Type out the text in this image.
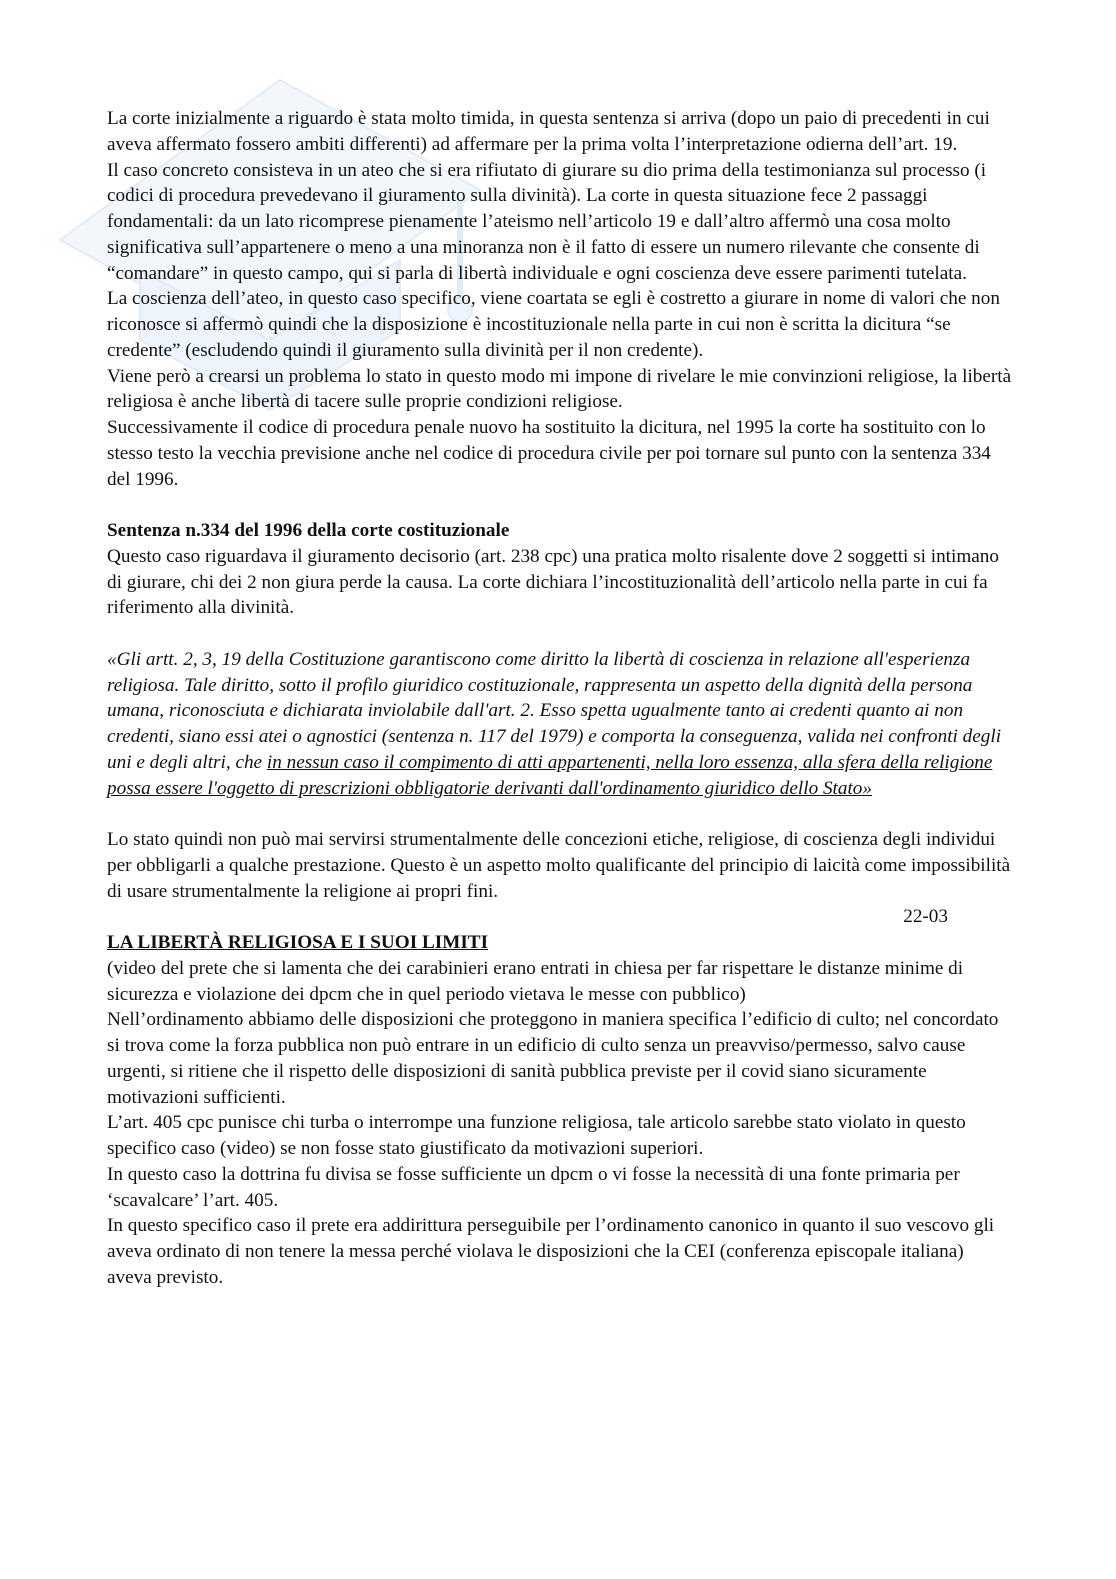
La corte inizialmente a riguardo è stata molto timida, in questa sentenza si arriva (dopo un paio di precedenti in cui aveva affermato fossero ambiti differenti) ad affermare per la prima volta l’interpretazione odierna dell’art. 19.

Il caso concreto consisteva in un ateo che si era rifiutato di giurare su dio prima della testimonianza sul processo (i codici di procedura prevedevano il giuramento sulla divinità). La corte in questa situazione fece 2 passaggi fondamentali: da un lato ricomprese pienamente l’ateismo nell’articolo 19 e dall’altro affermò una cosa molto significativa sull’appartenere o meno a una minoranza non è il fatto di essere un numero rilevante che consente di “comandare” in questo campo, qui si parla di libertà individuale e ogni coscienza deve essere parimenti tutelata.

La coscienza dell’ateo, in questo caso specifico, viene coartata se egli è costretto a giurare in nome di valori che non riconosce si affermò quindi che la disposizione è incostituzionale nella parte in cui non è scritta la dicitura “se credente” (escludendo quindi il giuramento sulla divinità per il non credente).

Viene però a crearsi un problema lo stato in questo modo mi impone di rivelare le mie convinzioni religiose, la libertà religiosa è anche libertà di tacere sulle proprie condizioni religiose.

Successivamente il codice di procedura penale nuovo ha sostituito la dicitura, nel 1995 la corte ha sostituito con lo stesso testo la vecchia previsione anche nel codice di procedura civile per poi tornare sul punto con la sentenza 334 del 1996.

Sentenza n.334 del 1996 della corte costituzionale

Questo caso riguardava il giuramento decisorio (art. 238 cpc) una pratica molto risalente dove 2 soggetti si intimano di giurare, chi dei 2 non giura perde la causa. La corte dichiara l’incostituzionalità dell’articolo nella parte in cui fa riferimento alla divinità.

«Gli artt. 2, 3, 19 della Costituzione garantiscono come diritto la libertà di coscienza in relazione all'esperienza religiosa. Tale diritto, sotto il profilo giuridico costituzionale, rappresenta un aspetto della dignità della persona umana, riconosciuta e dichiarata inviolabile dall'art. 2. Esso spetta ugualmente tanto ai credenti quanto ai non credenti, siano essi atei o agnostici (sentenza n. 117 del 1979) e comporta la conseguenza, valida nei confronti degli uni e degli altri, che in nessun caso il compimento di atti appartenenti, nella loro essenza, alla sfera della religione possa essere l'oggetto di prescrizioni obbligatorie derivanti dall'ordinamento giuridico dello Stato»

Lo stato quindi non può mai servirsi strumentalmente delle concezioni etiche, religiose, di coscienza degli individui per obbligarli a qualche prestazione. Questo è un aspetto molto qualificante del principio di laicità come impossibilità di usare strumentalmente la religione ai propri fini.

22-03

LA LIBERTÀ RELIGIOSA E I SUOI LIMITI

(video del prete che si lamenta che dei carabinieri erano entrati in chiesa per far rispettare le distanze minime di sicurezza e violazione dei dpcm che in quel periodo vietava le messe con pubblico)

Nell’ordinamento abbiamo delle disposizioni che proteggono in maniera specifica l’edificio di culto; nel concordato si trova come la forza pubblica non può entrare in un edificio di culto senza un preavviso/permesso, salvo cause urgenti, si ritiene che il rispetto delle disposizioni di sanità pubblica previste per il covid siano sicuramente motivazioni sufficienti.

L’art. 405 cpc punisce chi turba o interrompe una funzione religiosa, tale articolo sarebbe stato violato in questo specifico caso (video) se non fosse stato giustificato da motivazioni superiori.

In questo caso la dottrina fu divisa se fosse sufficiente un dpcm o vi fosse la necessità di una fonte primaria per ‘scavalcare’ l’art. 405.

In questo specifico caso il prete era addirittura perseguibile per l’ordinamento canonico in quanto il suo vescovo gli aveva ordinato di non tenere la messa perché violava le disposizioni che la CEI (conferenza episcopale italiana) aveva previsto.
